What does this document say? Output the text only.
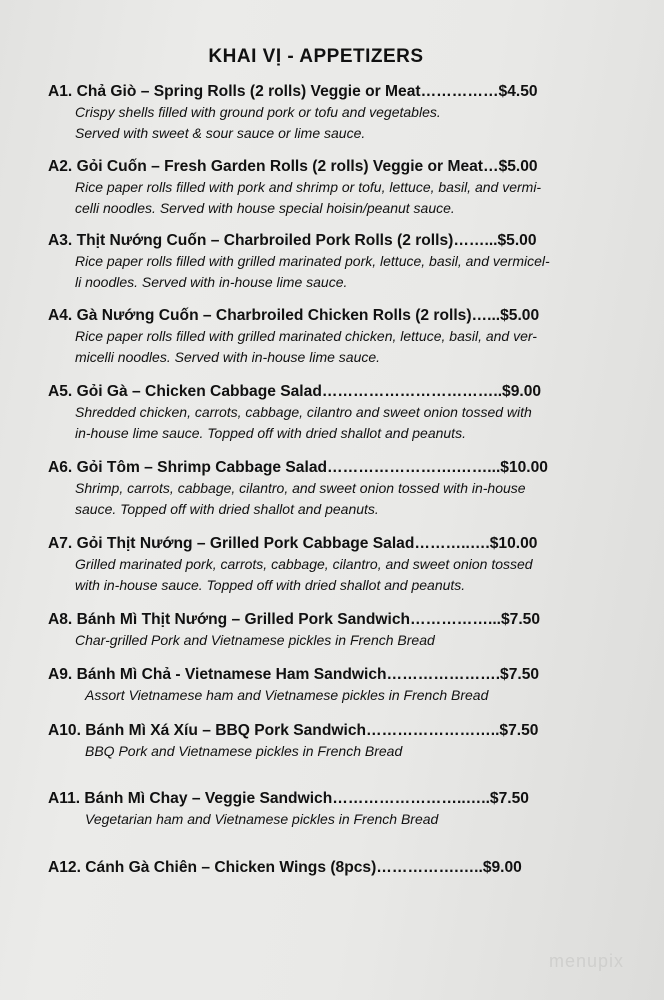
KHAI VỊ - APPETIZERS
A1. Chả Giò – Spring Rolls (2 rolls) Veggie or Meat……………$4.50
Crispy shells filled with ground pork or tofu and vegetables.
Served with sweet & sour sauce or lime sauce.
A2. Gỏi Cuốn – Fresh Garden Rolls (2 rolls) Veggie or Meat…$5.00
Rice paper rolls filled with pork and shrimp or tofu, lettuce, basil, and vermi-
celli noodles. Served with house special hoisin/peanut sauce.
A3. Thịt Nướng Cuốn – Charbroiled Pork Rolls (2 rolls)……...$5.00
Rice paper rolls filled with grilled marinated pork, lettuce, basil, and vermicel-
li noodles. Served with in-house lime sauce.
A4. Gà Nướng Cuốn – Charbroiled Chicken Rolls (2 rolls)…...$5.00
Rice paper rolls filled with grilled marinated chicken, lettuce, basil, and ver-
micelli noodles. Served with in-house lime sauce.
A5. Gỏi Gà – Chicken Cabbage Salad……………………………..$9.00
Shredded chicken, carrots, cabbage, cilantro and sweet onion tossed with
in-house lime sauce. Topped off with dried shallot and peanuts.
A6. Gỏi Tôm – Shrimp Cabbage Salad…………………….……...$10.00
Shrimp, carrots, cabbage, cilantro, and sweet onion tossed with in-house
sauce. Topped off with dried shallot and peanuts.
A7. Gỏi Thịt Nướng – Grilled Pork Cabbage Salad………..….$10.00
Grilled marinated pork, carrots, cabbage, cilantro, and sweet onion tossed
with in-house sauce. Topped off with dried shallot and peanuts.
A8. Bánh Mì Thịt Nướng – Grilled Pork Sandwich……………...$7.50
Char-grilled Pork and Vietnamese pickles in French Bread
A9. Bánh Mì Chả - Vietnamese Ham Sandwich………………….$7.50
Assort Vietnamese ham and Vietnamese pickles in French Bread
A10. Bánh Mì Xá Xíu – BBQ Pork Sandwich……………………..$7.50
BBQ Pork and Vietnamese pickles in French Bread
A11. Bánh Mì Chay – Veggie Sandwich……………………..…..$7.50
Vegetarian ham and Vietnamese pickles in French Bread
A12. Cánh Gà Chiên – Chicken Wings (8pcs)…………….…..$9.00
menupix
